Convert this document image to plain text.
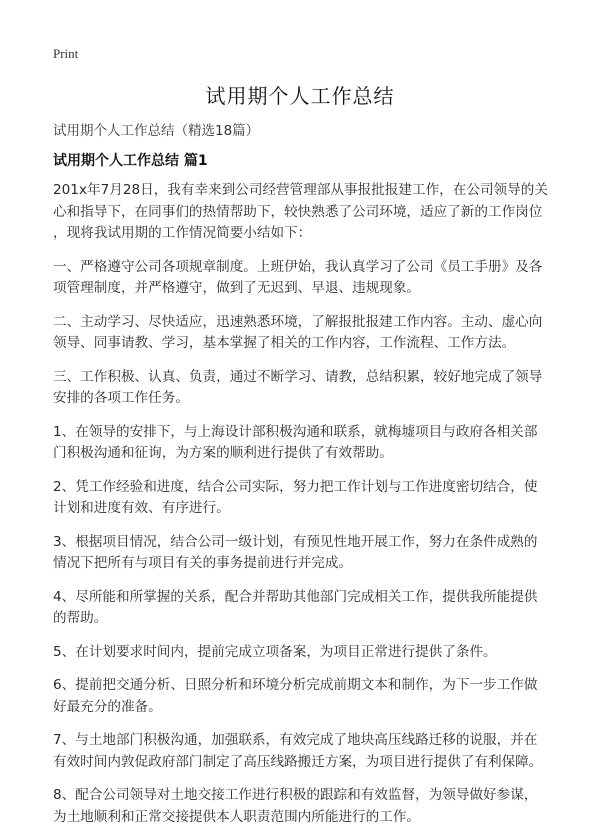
Print
试用期个人工作总结
试用期个人工作总结（精选18篇）
试用期个人工作总结 篇1

201x年7月28日，我有幸来到公司经营管理部从事报批报建工作，在公司领导的关
心和指导下，在同事们的热情帮助下，较快熟悉了公司环境，适应了新的工作岗位
，现将我试用期的工作情况简要小结如下：

一、严格遵守公司各项规章制度。上班伊始，我认真学习了公司《员工手册》及各
项管理制度，并严格遵守，做到了无迟到、早退、违规现象。

二、主动学习、尽快适应，迅速熟悉环境，了解报批报建工作内容。主动、虚心向
领导、同事请教、学习，基本掌握了相关的工作内容，工作流程、工作方法。

三、工作积极、认真、负责，通过不断学习、请教，总结积累，较好地完成了领导
安排的各项工作任务。

1、在领导的安排下，与上海设计部积极沟通和联系，就梅墟项目与政府各相关部
门积极沟通和征询，为方案的顺利进行提供了有效帮助。

2、凭工作经验和进度，结合公司实际，努力把工作计划与工作进度密切结合，使
计划和进度有效、有序进行。

3、根据项目情况，结合公司一级计划，有预见性地开展工作，努力在条件成熟的
情况下把所有与项目有关的事务提前进行并完成。

4、尽所能和所掌握的关系，配合并帮助其他部门完成相关工作，提供我所能提供
的帮助。

5、在计划要求时间内，提前完成立项备案，为项目正常进行提供了条件。

6、提前把交通分析、日照分析和环境分析完成前期文本和制作，为下一步工作做
好最充分的准备。

7、与土地部门积极沟通，加强联系，有效完成了地块高压线路迁移的说服，并在
有效时间内敦促政府部门制定了高压线路搬迁方案，为项目进行提供了有利保障。

8、配合公司领导对土地交接工作进行积极的跟踪和有效监督，为领导做好参谋，
为土地顺利和正常交接提供本人职责范围内所能进行的工作。
